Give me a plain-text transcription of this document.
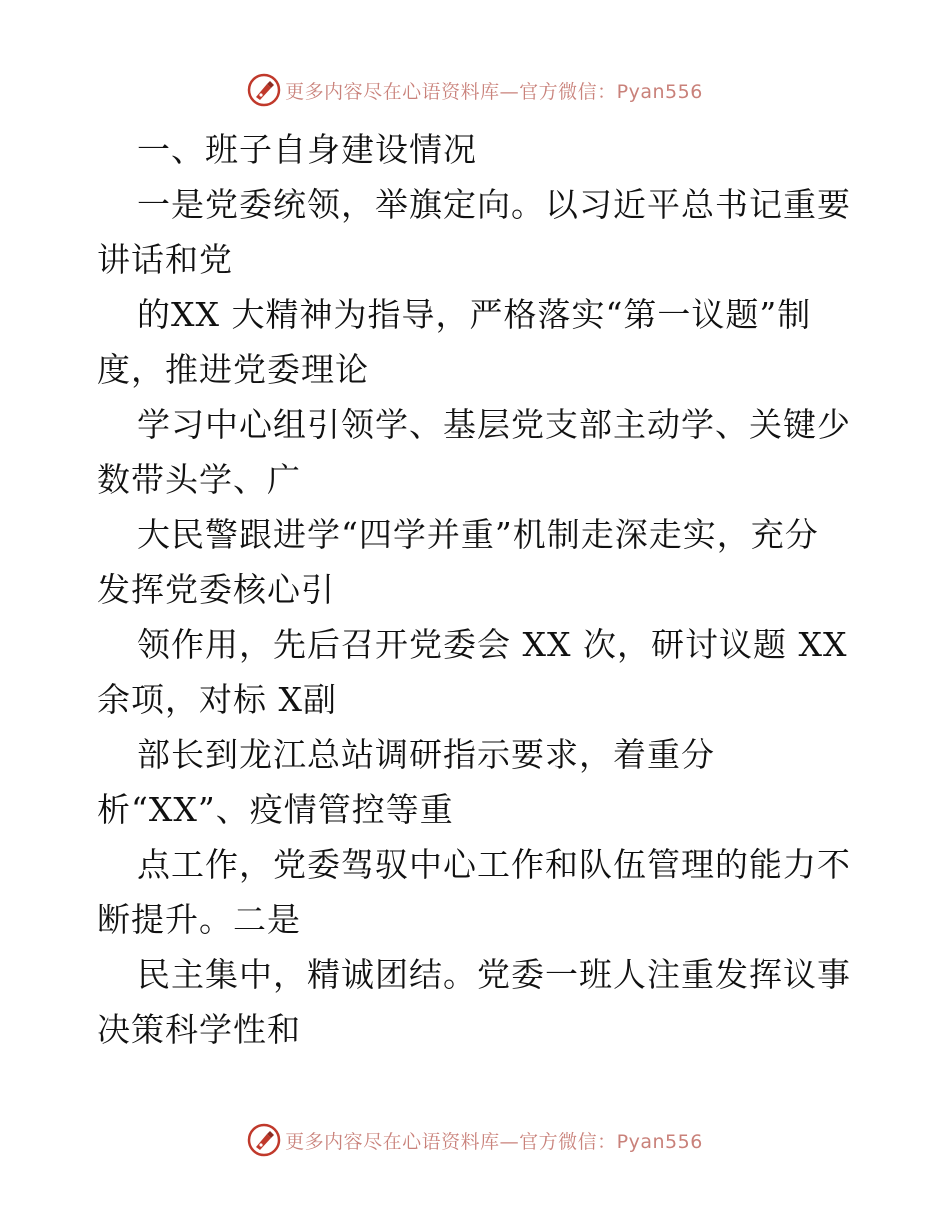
更多内容尽在心语资料库—官方微信：Pyan556
一、班子自身建设情况
一是党委统领，举旗定向。以习近平总书记重要
讲话和党
的XX 大精神为指导，严格落实“第一议题”制
度，推进党委理论
学习中心组引领学、基层党支部主动学、关键少
数带头学、广
大民警跟进学“四学并重”机制走深走实，充分
发挥党委核心引
领作用，先后召开党委会 XX 次，研讨议题 XX
余项，对标 X副
部长到龙江总站调研指示要求，着重分
析“XX”、疫情管控等重
点工作，党委驾驭中心工作和队伍管理的能力不
断提升。二是
民主集中，精诚团结。党委一班人注重发挥议事
决策科学性和
更多内容尽在心语资料库—官方微信：Pyan556
